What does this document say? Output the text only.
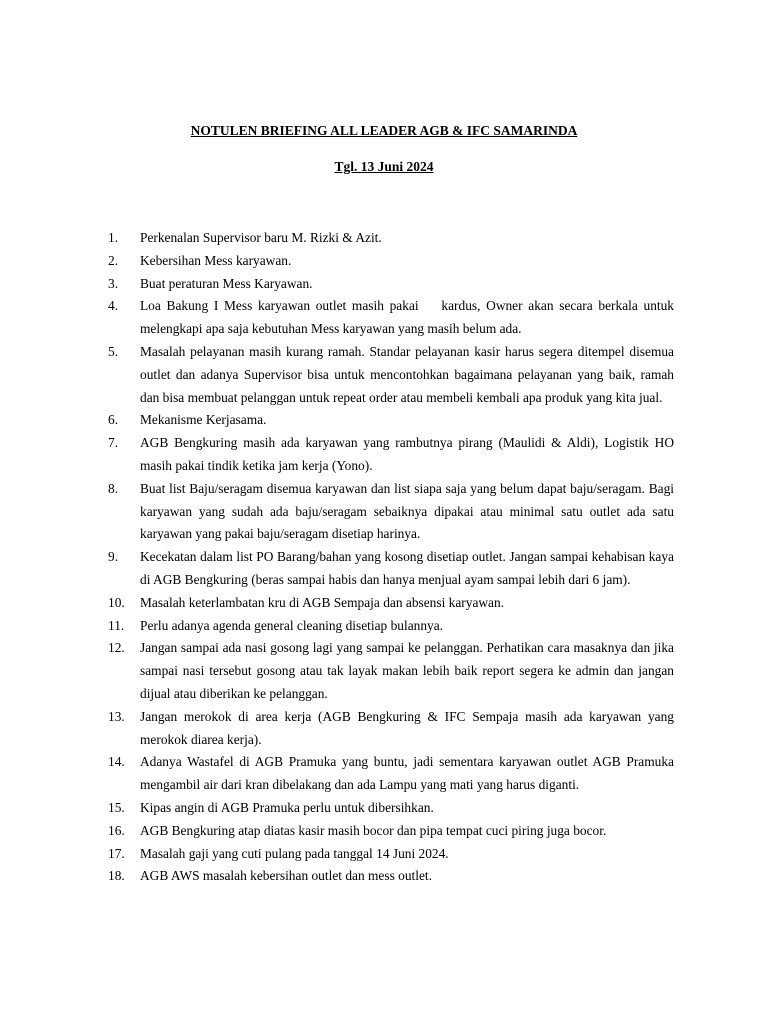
NOTULEN BRIEFING ALL LEADER AGB & IFC SAMARINDA

Tgl. 13 Juni 2024

1.	Perkenalan Supervisor baru M. Rizki & Azit.
2.	Kebersihan Mess karyawan.
3.	Buat peraturan Mess Karyawan.
4.	Loa Bakung I Mess karyawan outlet masih pakai    kardus, Owner akan secara berkala untuk melengkapi apa saja kebutuhan Mess karyawan yang masih belum ada.
5.	Masalah pelayanan masih kurang ramah. Standar pelayanan kasir harus segera ditempel disemua outlet dan adanya Supervisor bisa untuk mencontohkan bagaimana pelayanan yang baik, ramah dan bisa membuat pelanggan untuk repeat order atau membeli kembali apa produk yang kita jual.
6.	Mekanisme Kerjasama.
7.	AGB Bengkuring masih ada karyawan yang rambutnya pirang (Maulidi & Aldi), Logistik HO masih pakai tindik ketika jam kerja (Yono).
8.	Buat list Baju/seragam disemua karyawan dan list siapa saja yang belum dapat baju/seragam. Bagi karyawan yang sudah ada baju/seragam sebaiknya dipakai atau minimal satu outlet ada satu karyawan yang pakai baju/seragam disetiap harinya.
9.	Kecekatan dalam list PO Barang/bahan yang kosong disetiap outlet. Jangan sampai kehabisan kaya di AGB Bengkuring (beras sampai habis dan hanya menjual ayam sampai lebih dari 6 jam).
10.	Masalah keterlambatan kru di AGB Sempaja dan absensi karyawan.
11.	Perlu adanya agenda general cleaning disetiap bulannya.
12.	Jangan sampai ada nasi gosong lagi yang sampai ke pelanggan. Perhatikan cara masaknya dan jika sampai nasi tersebut gosong atau tak layak makan lebih baik report segera ke admin dan jangan dijual atau diberikan ke pelanggan.
13.	Jangan merokok di area kerja (AGB Bengkuring & IFC Sempaja masih ada karyawan yang merokok diarea kerja).
14.	Adanya Wastafel di AGB Pramuka yang buntu, jadi sementara karyawan outlet AGB Pramuka mengambil air dari kran dibelakang dan ada Lampu yang mati yang harus diganti.
15.	Kipas angin di AGB Pramuka perlu untuk dibersihkan.
16.	AGB Bengkuring atap diatas kasir masih bocor dan pipa tempat cuci piring juga bocor.
17.	Masalah gaji yang cuti pulang pada tanggal 14 Juni 2024.
18.	AGB AWS masalah kebersihan outlet dan mess outlet.
